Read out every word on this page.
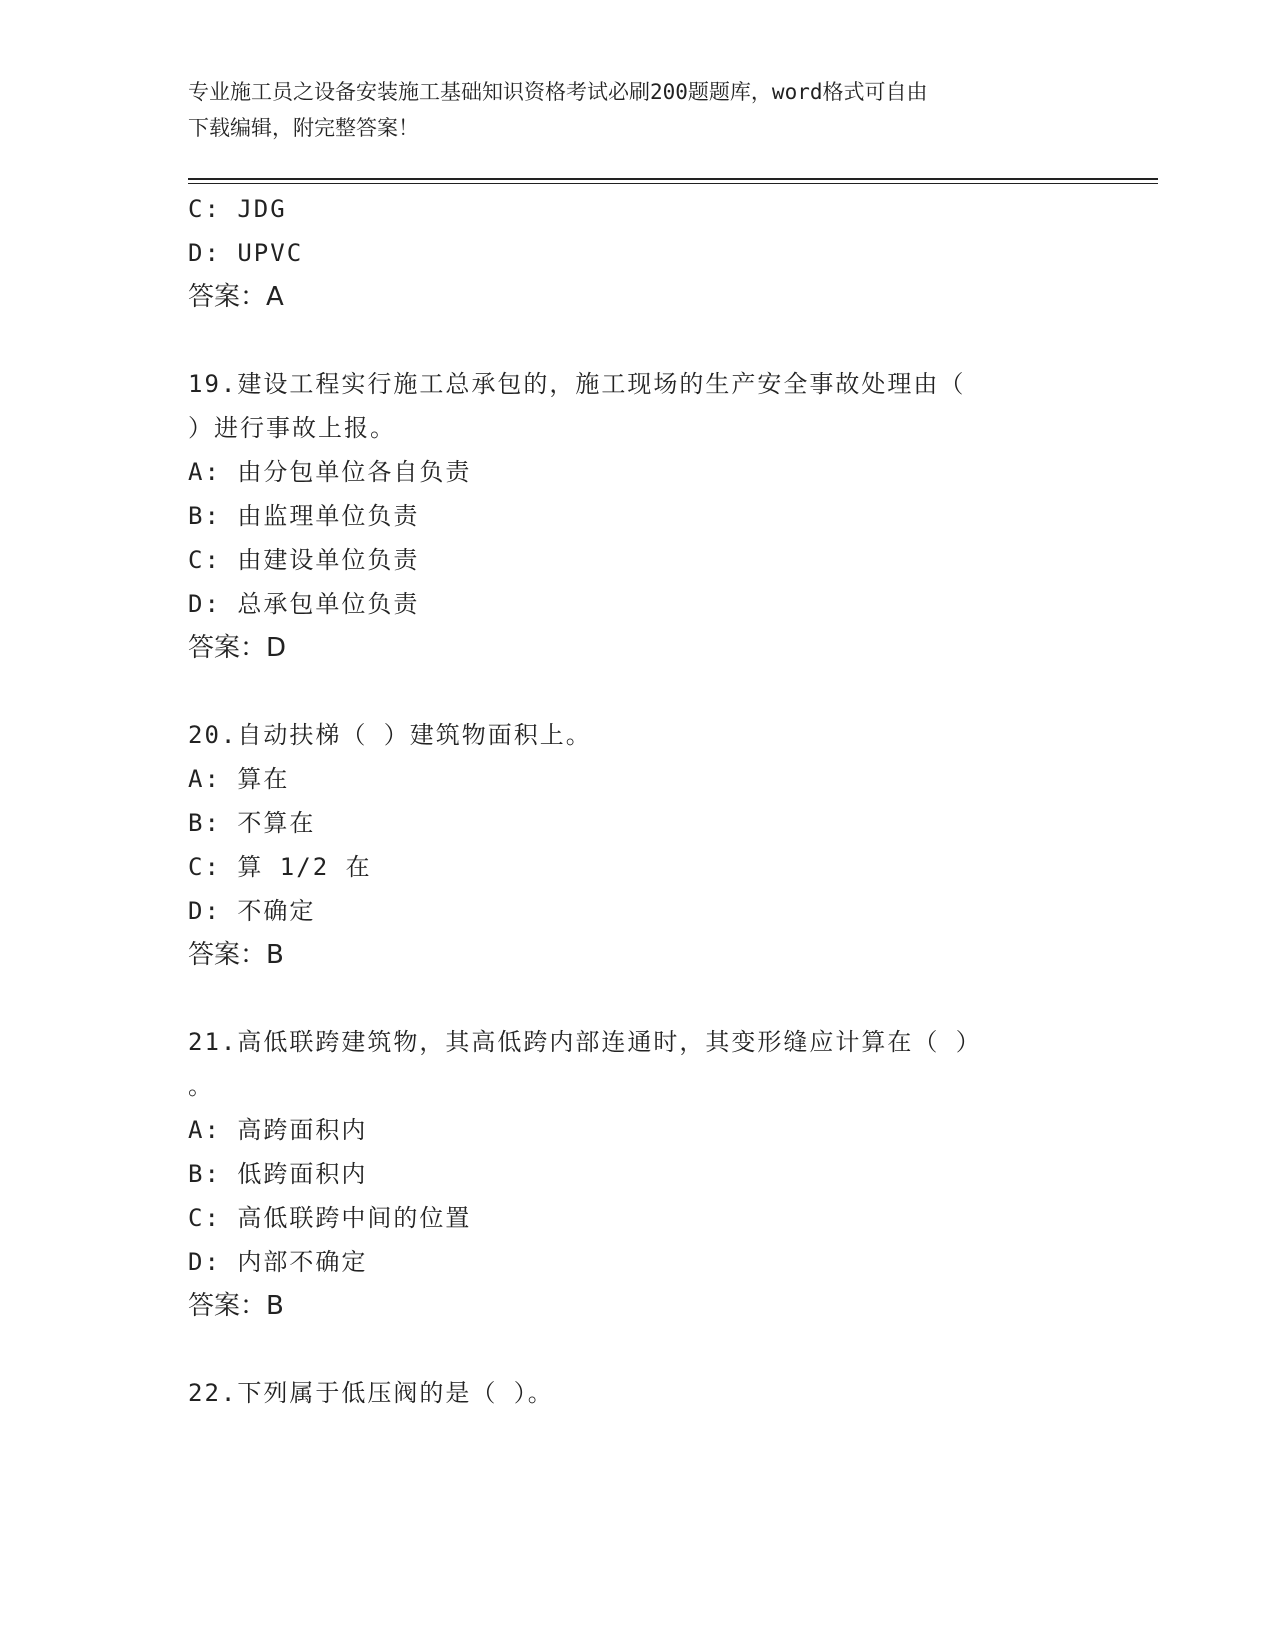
专业施工员之设备安装施工基础知识资格考试必刷200题题库，word格式可自由
下载编辑，附完整答案！
C: JDG
D: UPVC
答案：A
19.建设工程实行施工总承包的，施工现场的生产安全事故处理由（
）进行事故上报。
A: 由分包单位各自负责
B: 由监理单位负责
C: 由建设单位负责
D: 总承包单位负责
答案：D
20.自动扶梯（ ）建筑物面积上。
A: 算在
B: 不算在
C: 算 1/2 在
D: 不确定
答案：B
21.高低联跨建筑物，其高低跨内部连通时，其变形缝应计算在（ ）
。
A: 高跨面积内
B: 低跨面积内
C: 高低联跨中间的位置
D: 内部不确定
答案：B
22.下列属于低压阀的是（ ）。
